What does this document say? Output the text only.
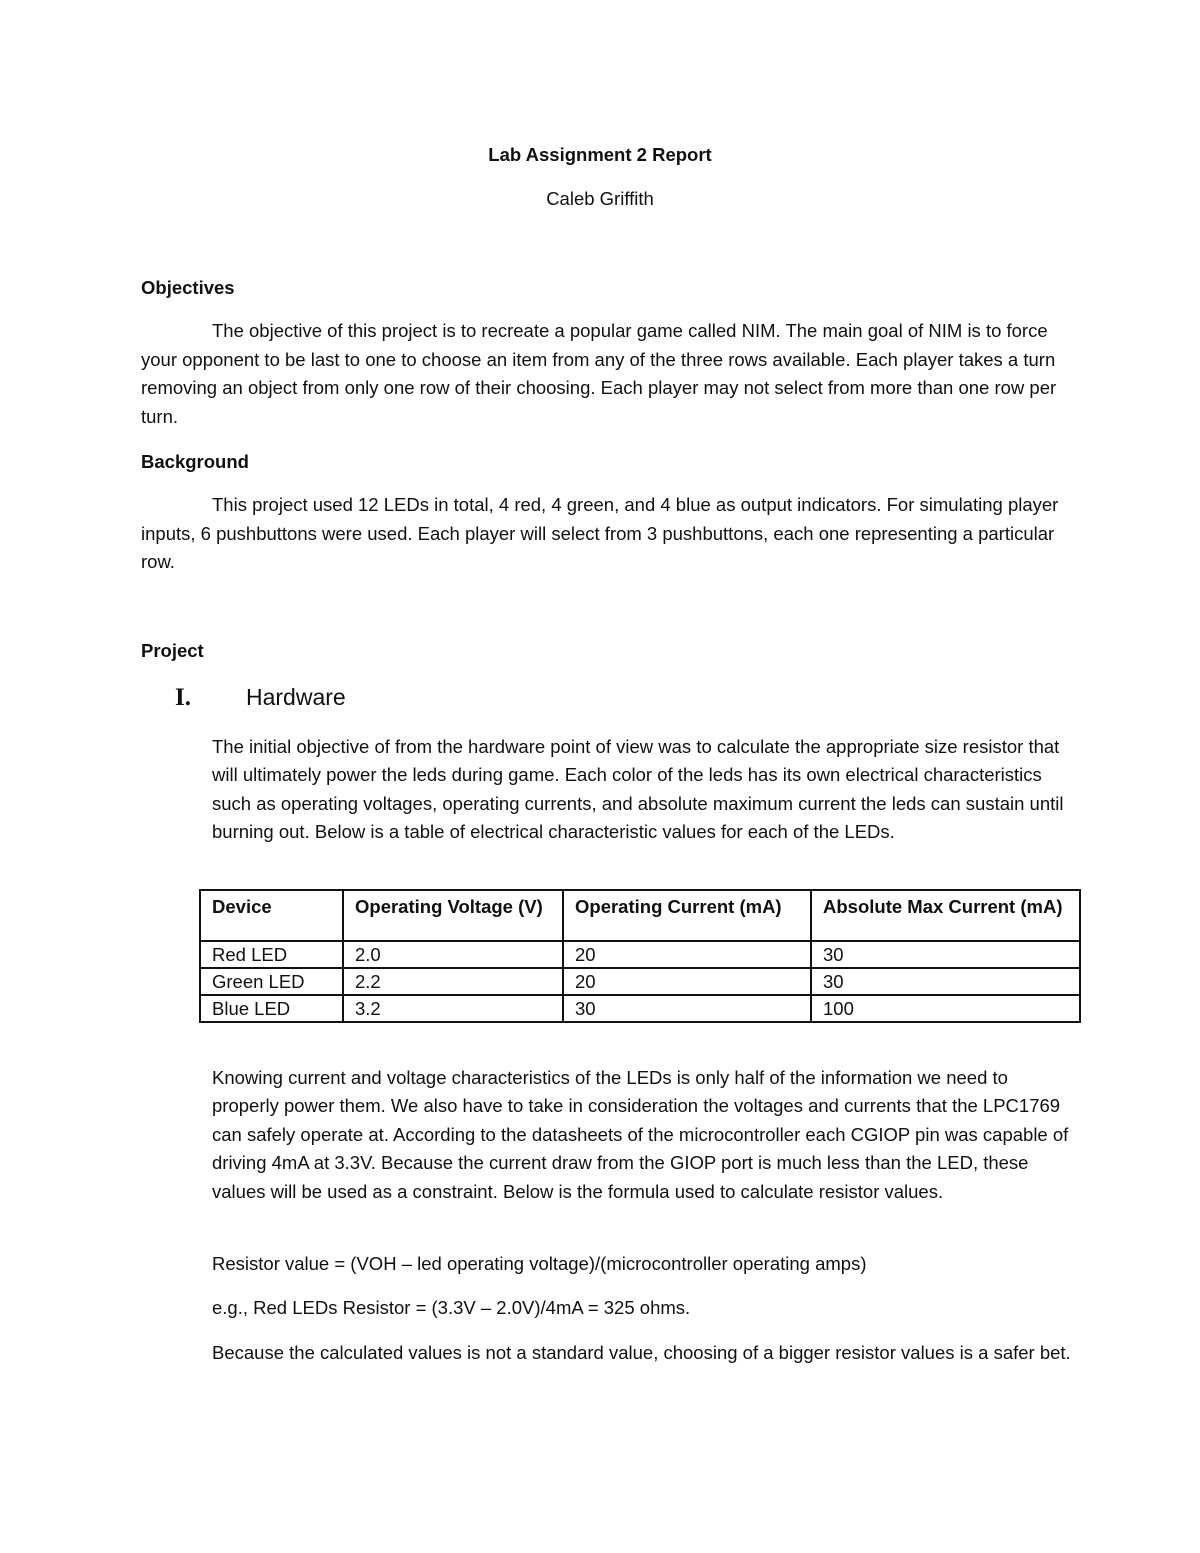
Lab Assignment 2 Report
Caleb Griffith
Objectives

The objective of this project is to recreate a popular game called NIM. The main goal of NIM is to force your opponent to be last to one to choose an item from any of the three rows available. Each player takes a turn removing an object from only one row of their choosing. Each player may not select from more than one row per turn.

Background

This project used 12 LEDs in total, 4 red, 4 green, and 4 blue as output indicators. For simulating player inputs, 6 pushbuttons were used. Each player will select from 3 pushbuttons, each one representing a particular row.

Project
I. Hardware

The initial objective of from the hardware point of view was to calculate the appropriate size resistor that will ultimately power the leds during game. Each color of the leds has its own electrical characteristics such as operating voltages, operating currents, and absolute maximum current the leds can sustain until burning out. Below is a table of electrical characteristic values for each of the LEDs.

Device	Operating Voltage (V)	Operating Current (mA)	Absolute Max Current (mA)
Red LED	2.0	20	30
Green LED	2.2	20	30
Blue LED	3.2	30	100

Knowing current and voltage characteristics of the LEDs is only half of the information we need to properly power them. We also have to take in consideration the voltages and currents that the LPC1769 can safely operate at. According to the datasheets of the microcontroller each CGIOP pin was capable of driving 4mA at 3.3V. Because the current draw from the GIOP port is much less than the LED, these values will be used as a constraint. Below is the formula used to calculate resistor values.

Resistor value = (VOH – led operating voltage)/(microcontroller operating amps)

e.g., Red LEDs Resistor = (3.3V – 2.0V)/4mA = 325 ohms.

Because the calculated values is not a standard value, choosing of a bigger resistor values is a safer bet.
